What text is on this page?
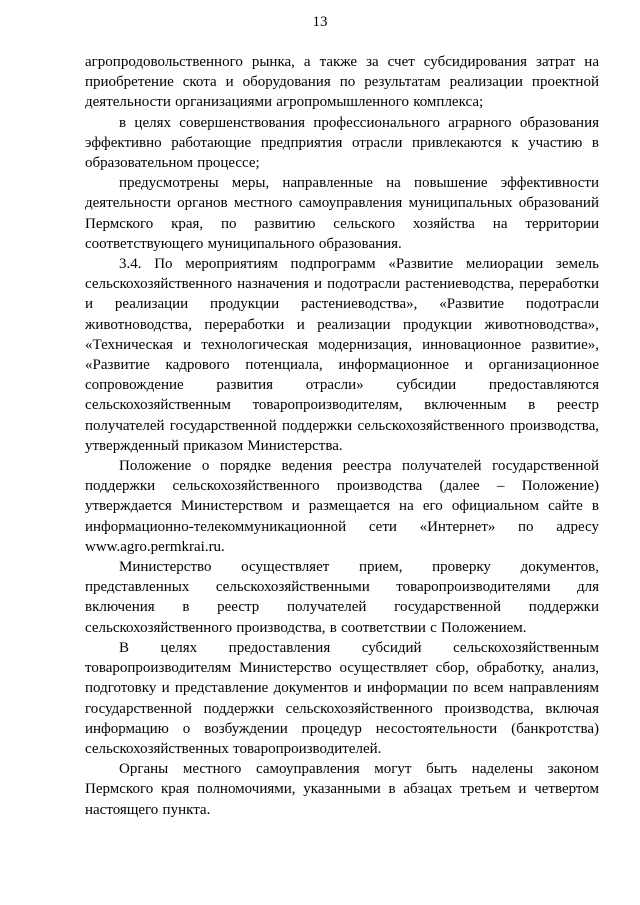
13

агропродовольственного рынка, а также за счет субсидирования затрат на приобретение скота и оборудования по результатам реализации проектной деятельности организациями агропромышленного комплекса;

в целях совершенствования профессионального аграрного образования эффективно работающие предприятия отрасли привлекаются к участию в образовательном процессе;

предусмотрены меры, направленные на повышение эффективности деятельности органов местного самоуправления муниципальных образований Пермского края, по развитию сельского хозяйства на территории соответствующего муниципального образования.

3.4. По мероприятиям подпрограмм «Развитие мелиорации земель сельскохозяйственного назначения и подотрасли растениеводства, переработки и реализации продукции растениеводства», «Развитие подотрасли животноводства, переработки и реализации продукции животноводства», «Техническая и технологическая модернизация, инновационное развитие», «Развитие кадрового потенциала, информационное и организационное сопровождение развития отрасли» субсидии предоставляются сельскохозяйственным товаропроизводителям, включенным в реестр получателей государственной поддержки сельскохозяйственного производства, утвержденный приказом Министерства.

Положение о порядке ведения реестра получателей государственной поддержки сельскохозяйственного производства (далее – Положение) утверждается Министерством и размещается на его официальном сайте в информационно-телекоммуникационной сети «Интернет» по адресу www.agro.permkrai.ru.

Министерство осуществляет прием, проверку документов, представленных сельскохозяйственными товаропроизводителями для включения в реестр получателей государственной поддержки сельскохозяйственного производства, в соответствии с Положением.

В целях предоставления субсидий сельскохозяйственным товаропроизводителям Министерство осуществляет сбор, обработку, анализ, подготовку и представление документов и информации по всем направлениям государственной поддержки сельскохозяйственного производства, включая информацию о возбуждении процедур несостоятельности (банкротства) сельскохозяйственных товаропроизводителей.

Органы местного самоуправления могут быть наделены законом Пермского края полномочиями, указанными в абзацах третьем и четвертом настоящего пункта.
